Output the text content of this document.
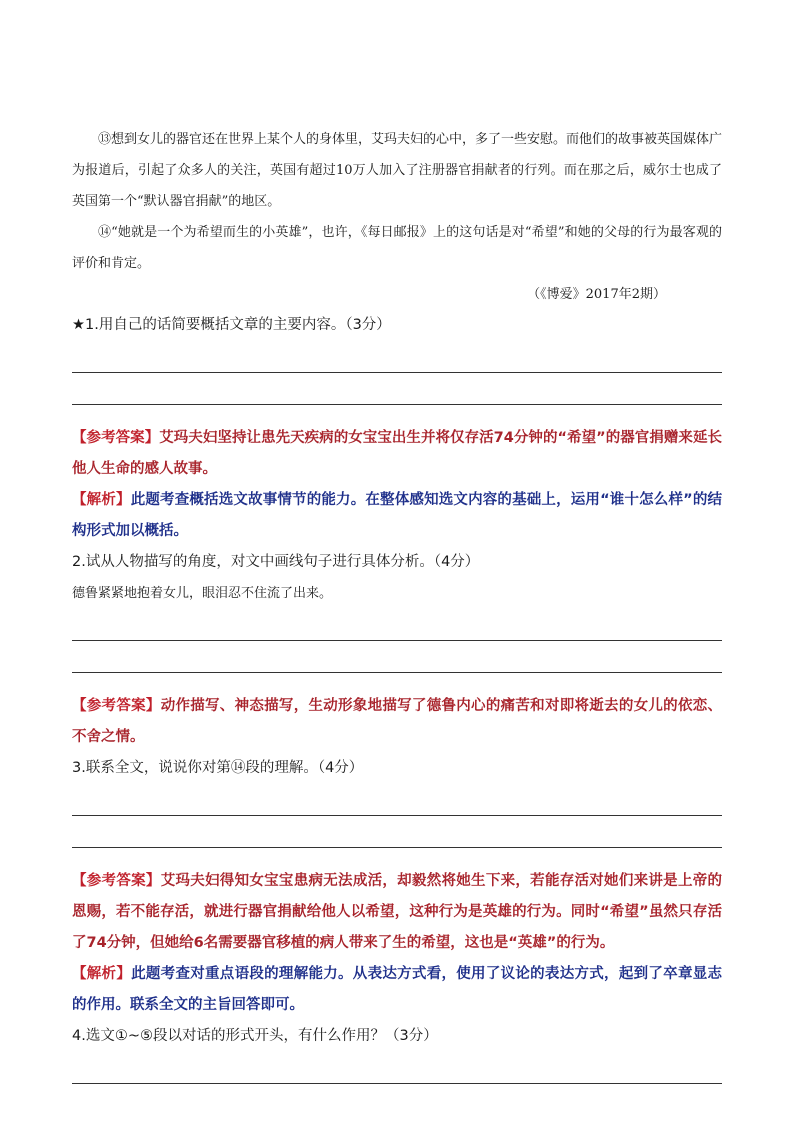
⑬想到女儿的器官还在世界上某个人的身体里，艾玛夫妇的心中，多了一些安慰。而他们的故事被英国媒体广为报道后，引起了众多人的关注，英国有超过10万人加入了注册器官捐献者的行列。而在那之后，威尔士也成了英国第一个“默认器官捐献”的地区。

⑭“她就是一个为希望而生的小英雄”，也许，《每日邮报》上的这句话是对“希望”和她的父母的行为最客观的评价和肯定。

（《博爱》2017年2期）

★1.用自己的话简要概括文章的主要内容。（3分）

【参考答案】艾玛夫妇坚持让患先天疾病的女宝宝出生并将仅存活74分钟的“希望”的器官捐赠来延长他人生命的感人故事。

【解析】此题考查概括选文故事情节的能力。在整体感知选文内容的基础上，运用“谁十怎么样”的结构形式加以概括。

2.试从人物描写的角度，对文中画线句子进行具体分析。（4分）

德鲁紧紧地抱着女儿，眼泪忍不住流了出来。

【参考答案】动作描写、神态描写，生动形象地描写了德鲁内心的痛苦和对即将逝去的女儿的依恋、不舍之情。

3.联系全文，说说你对第⑭段的理解。（4分）

【参考答案】艾玛夫妇得知女宝宝患病无法成活，却毅然将她生下来，若能存活对她们来讲是上帝的恩赐，若不能存活，就进行器官捐献给他人以希望，这种行为是英雄的行为。同时“希望”虽然只存活了74分钟，但她给6名需要器官移植的病人带来了生的希望，这也是“英雄”的行为。

【解析】此题考查对重点语段的理解能力。从表达方式看，使用了议论的表达方式，起到了卒章显志的作用。联系全文的主旨回答即可。

4.选文①~⑤段以对话的形式开头，有什么作用？（3分）
